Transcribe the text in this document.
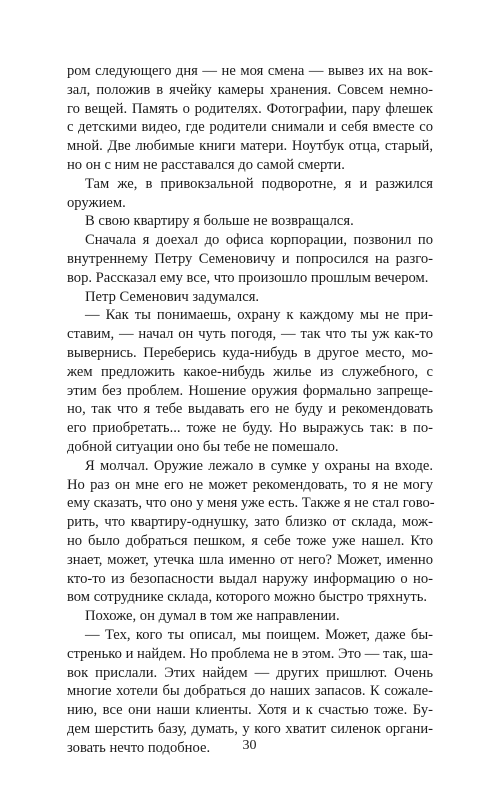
ром следующего дня — не моя смена — вывез их на вок-
зал, положив в ячейку камеры хранения. Совсем немно-
го вещей. Память о родителях. Фотографии, пару флешек
с детскими видео, где родители снимали и себя вместе со
мной. Две любимые книги матери. Ноутбук отца, старый,
но он с ним не расставался до самой смерти.
Там же, в привокзальной подворотне, я и разжился
оружием.
В свою квартиру я больше не возвращался.
Сначала я доехал до офиса корпорации, позвонил по
внутреннему Петру Семеновичу и попросился на разго-
вор. Рассказал ему все, что произошло прошлым вечером.
Петр Семенович задумался.
— Как ты понимаешь, охрану к каждому мы не при-
ставим, — начал он чуть погодя, — так что ты уж как-то
вывернись. Переберись куда-нибудь в другое место, мо-
жем предложить какое-нибудь жилье из служебного, с
этим без проблем. Ношение оружия формально запреще-
но, так что я тебе выдавать его не буду и рекомендовать
его приобретать... тоже не буду. Но выражусь так: в по-
добной ситуации оно бы тебе не помешало.
Я молчал. Оружие лежало в сумке у охраны на входе.
Но раз он мне его не может рекомендовать, то я не могу
ему сказать, что оно у меня уже есть. Также я не стал гово-
рить, что квартиру-однушку, зато близко от склада, мож-
но было добраться пешком, я себе тоже уже нашел. Кто
знает, может, утечка шла именно от него? Может, именно
кто-то из безопасности выдал наружу информацию о но-
вом сотруднике склада, которого можно быстро тряхнуть.
Похоже, он думал в том же направлении.
— Тех, кого ты описал, мы поищем. Может, даже бы-
стренько и найдем. Но проблема не в этом. Это — так, шa-
вок прислали. Этих найдем — других пришлют. Очень
многие хотели бы добраться до наших запасов. К сожале-
нию, все они наши клиенты. Хотя и к счастью тоже. Бу-
дем шерстить базу, думать, у кого хватит силенок органи-
зовать нечто подобное.	30
